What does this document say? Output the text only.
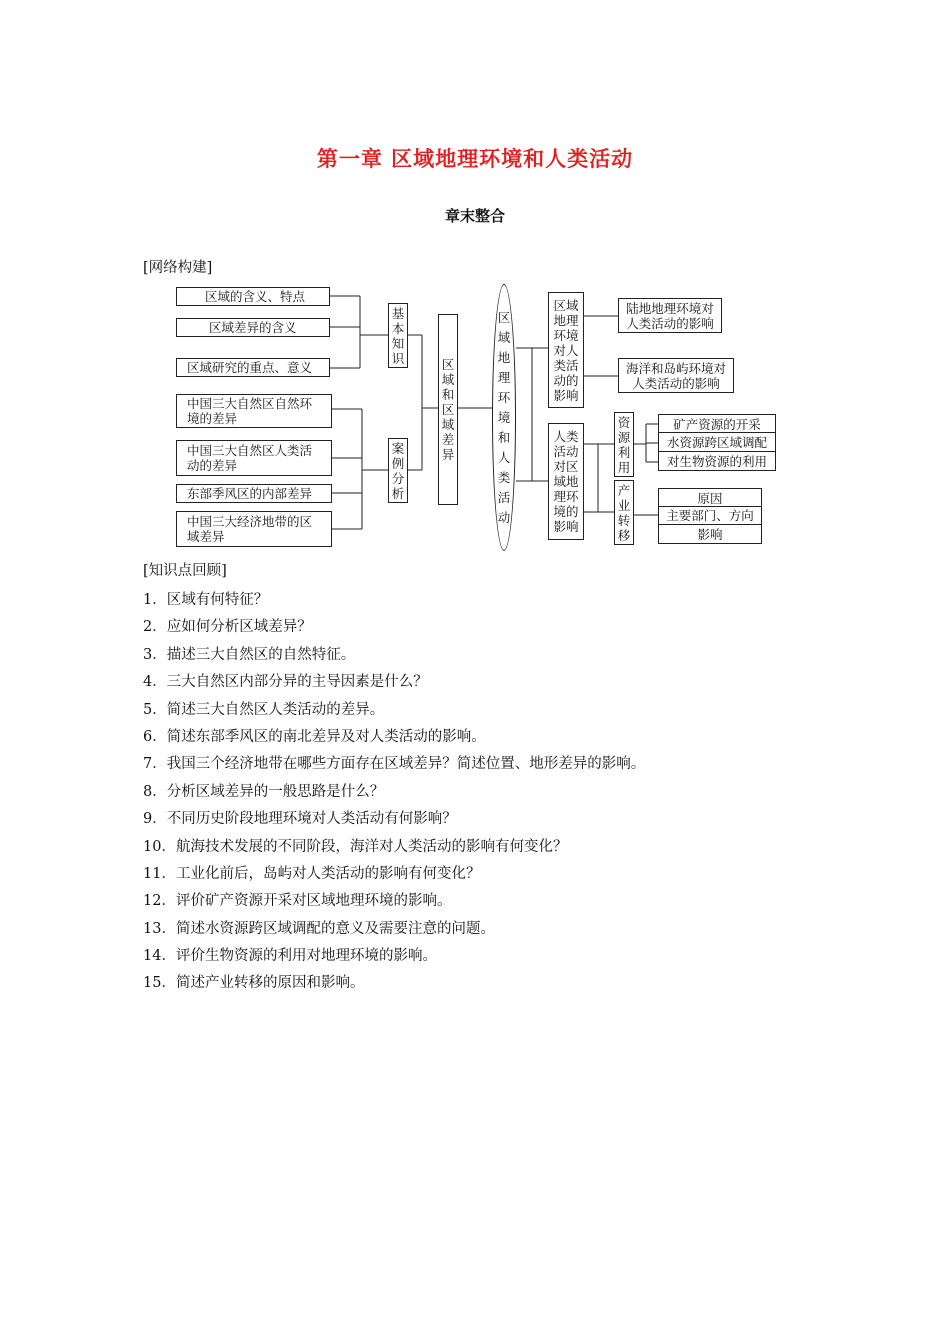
第一章 区域地理环境和人类活动
章末整合
[网络构建]
区域的含义、特点
区域差异的含义
区域研究的重点、意义
中国三大自然区自然环境的差异
中国三大自然区人类活动的差异
东部季风区的内部差异
中国三大经济地带的区域差异
基本知识
案例分析
区域和区域差异
区域地理环境和人类活动
区域地理环境对人类活动的影响
陆地地理环境对人类活动的影响
海洋和岛屿环境对人类活动的影响
人类活动对区域地理环境的影响
资源利用
矿产资源的开采
水资源跨区域调配
对生物资源的利用
产业转移
原因
主要部门、方向
影响
[知识点回顾]
1．区域有何特征？
2．应如何分析区域差异？
3．描述三大自然区的自然特征。
4．三大自然区内部分异的主导因素是什么？
5．简述三大自然区人类活动的差异。
6．简述东部季风区的南北差异及对人类活动的影响。
7．我国三个经济地带在哪些方面存在区域差异？简述位置、地形差异的影响。
8．分析区域差异的一般思路是什么？
9．不同历史阶段地理环境对人类活动有何影响？
10．航海技术发展的不同阶段，海洋对人类活动的影响有何变化？
11．工业化前后，岛屿对人类活动的影响有何变化？
12．评价矿产资源开采对区域地理环境的影响。
13．简述水资源跨区域调配的意义及需要注意的问题。
14．评价生物资源的利用对地理环境的影响。
15．简述产业转移的原因和影响。
